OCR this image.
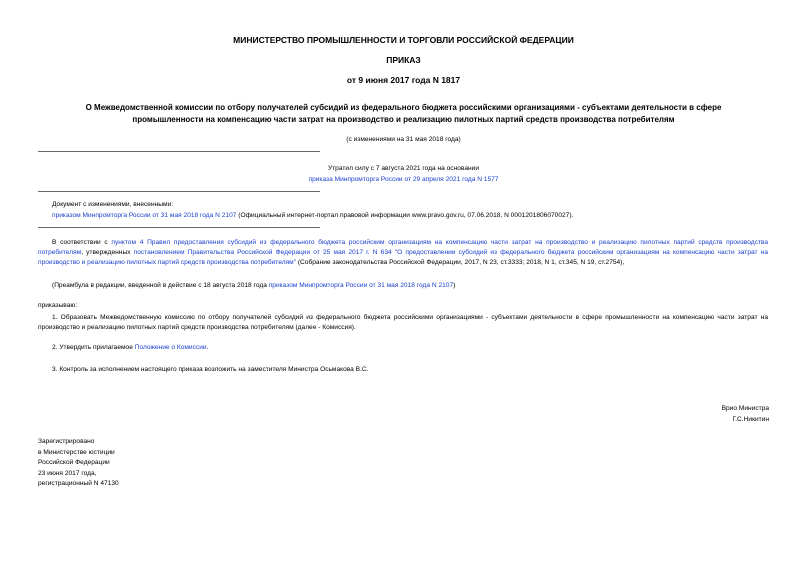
МИНИСТЕРСТВО ПРОМЫШЛЕННОСТИ И ТОРГОВЛИ РОССИЙСКОЙ ФЕДЕРАЦИИ
ПРИКАЗ
от 9 июня 2017 года N 1817
О Межведомственной комиссии по отбору получателей субсидий из федерального бюджета российскими организациями - субъектами деятельности в сфере
промышленности на компенсацию части затрат на производство и реализацию пилотных партий средств производства потребителям
(с изменениями на 31 мая 2018 года)
Утратил силу с 7 августа 2021 года на основании
приказа Минпромторга России от 29 апреля 2021 года N 1577
Документ с изменениями, внесенными:
приказом Минпромторга России от 31 мая 2018 года N 2107 (Официальный интернет-портал правовой информации www.pravo.gov.ru, 07.06.2018, N 0001201806070027).
В соответствии с пунктом 4 Правил предоставления субсидий из федерального бюджета российским организациям на компенсацию части затрат на производство и реализацию пилотных партий средств производства потребителям, утвержденных постановлением Правительства Российской Федерации от 25 мая 2017 г. N 634 "О предоставлении субсидий из федерального бюджета российским организациям на компенсацию части затрат на производство и реализацию пилотных партий средств производства потребителям" (Собрание законодательства Российской Федерации, 2017, N 23, ст.3333; 2018, N 1, ст.345, N 19, ст.2754),
(Преамбула в редакции, введенной в действие с 18 августа 2018 года приказом Минпромторга России от 31 мая 2018 года N 2107)
приказываю:
1. Образовать Межведомственную комиссию по отбору получателей субсидий из федерального бюджета российскими организациями - субъектами деятельности в сфере промышленности на компенсацию части затрат на производство и реализацию пилотных партий средств производства потребителям (далее - Комиссия).
2. Утвердить прилагаемое Положение о Комиссии.
3. Контроль за исполнением настоящего приказа возложить на заместителя Министра Осьмакова В.С.
Врио Министра
Г.С.Никитин
Зарегистрировано
в Министерстве юстиции
Российской Федерации
23 июня 2017 года,
регистрационный N 47130
